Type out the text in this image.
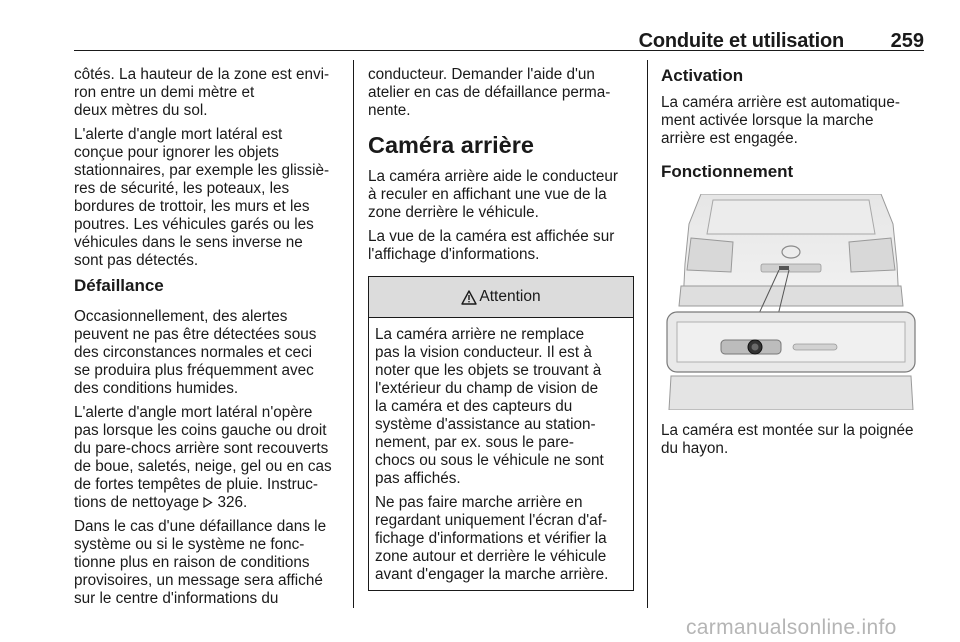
Conduite et utilisation 259

côtés. La hauteur de la zone est envi-
ron entre un demi mètre et
deux mètres du sol.

L'alerte d'angle mort latéral est
conçue pour ignorer les objets
stationnaires, par exemple les glissiè-
res de sécurité, les poteaux, les
bordures de trottoir, les murs et les
poutres. Les véhicules garés ou les
véhicules dans le sens inverse ne
sont pas détectés.

Défaillance

Occasionnellement, des alertes
peuvent ne pas être détectées sous
des circonstances normales et ceci
se produira plus fréquemment avec
des conditions humides.

L'alerte d'angle mort latéral n'opère
pas lorsque les coins gauche ou droit
du pare-chocs arrière sont recouverts
de boue, saletés, neige, gel ou en cas
de fortes tempêtes de pluie. Instruc-
tions de nettoyage 326.

Dans le cas d'une défaillance dans le
système ou si le système ne fonc-
tionne plus en raison de conditions
provisoires, un message sera affiché
sur le centre d'informations du

conducteur. Demander l'aide d'un
atelier en cas de défaillance perma-
nente.

Caméra arrière

La caméra arrière aide le conducteur
à reculer en affichant une vue de la
zone derrière le véhicule.

La vue de la caméra est affichée sur
l'affichage d'informations.

Attention

La caméra arrière ne remplace
pas la vision conducteur. Il est à
noter que les objets se trouvant à
l'extérieur du champ de vision de
la caméra et des capteurs du
système d'assistance au station-
nement, par ex. sous le pare-
chocs ou sous le véhicule ne sont
pas affichés.

Ne pas faire marche arrière en
regardant uniquement l'écran d'af-
fichage d'informations et vérifier la
zone autour et derrière le véhicule
avant d'engager la marche arrière.

Activation

La caméra arrière est automatique-
ment activée lorsque la marche
arrière est engagée.

Fonctionnement

La caméra est montée sur la poignée
du hayon.

carmanualsonline.info
